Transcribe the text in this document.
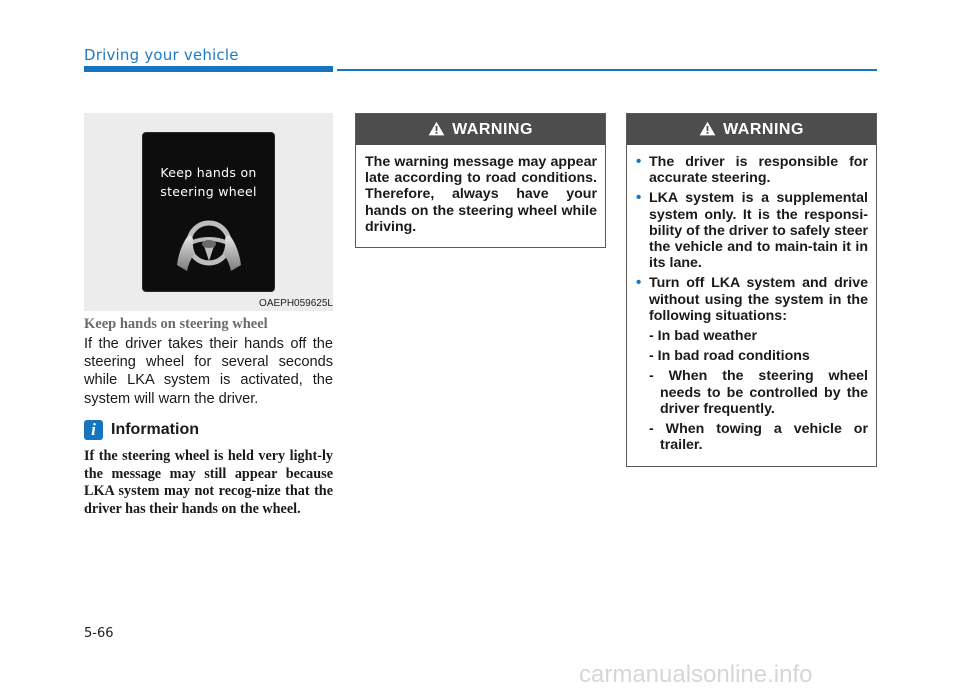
Driving your vehicle
Keep hands on
steering wheel
OAEPH059625L
Keep hands on steering wheel
If the driver takes their hands off the steering wheel for several seconds while LKA system is activated, the system will warn the driver.
i Information
If the steering wheel is held very light-ly the message may still appear because LKA system may not recog-nize that the driver has their hands on the wheel.
WARNING
The warning message may appear late according to road conditions. Therefore, always have your hands on the steering wheel while driving.
WARNING
• The driver is responsible for accurate steering.
• LKA system is a supplemental system only. It is the responsi-bility of the driver to safely steer the vehicle and to main-tain it in its lane.
• Turn off LKA system and drive without using the system in the following situations:
- In bad weather
- In bad road conditions
- When the steering wheel needs to be controlled by the driver frequently.
- When towing a vehicle or trailer.
5-66
carmanualsonline.info
